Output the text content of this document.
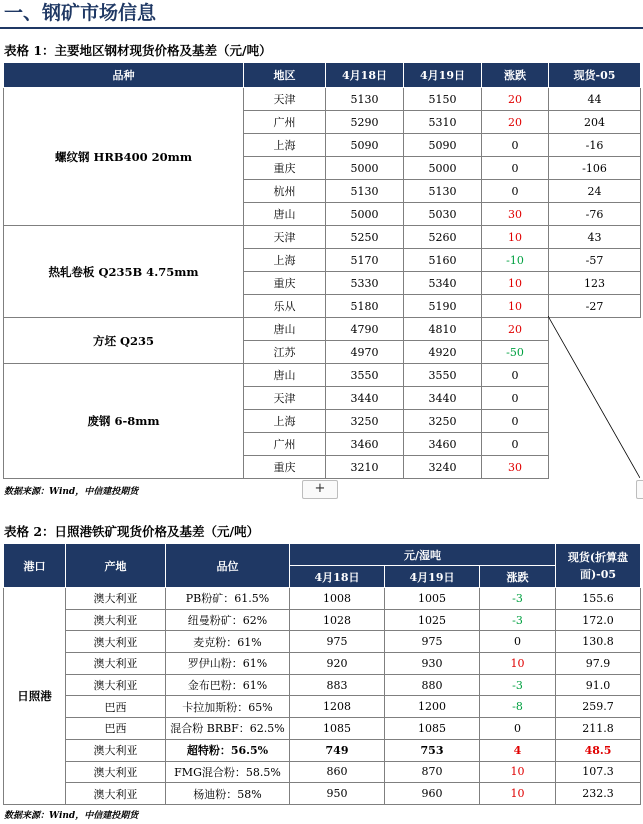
一、钢矿市场信息
表格 1：主要地区钢材现货价格及基差（元/吨）
品种	地区	4月18日	4月19日	涨跌	现货-05
螺纹钢 HRB400 20mm	天津	5130	5150	20	44
	广州	5290	5310	20	204
	上海	5090	5090	0	-16
	重庆	5000	5000	0	-106
	杭州	5130	5130	0	24
	唐山	5000	5030	30	-76
热轧卷板 Q235B 4.75mm	天津	5250	5260	10	43
	上海	5170	5160	-10	-57
	重庆	5330	5340	10	123
	乐从	5180	5190	10	-27
方坯 Q235	唐山	4790	4810	20	
	江苏	4970	4920	-50	
废钢 6-8mm	唐山	3550	3550	0	
	天津	3440	3440	0	
	上海	3250	3250	0	
	广州	3460	3460	0	
	重庆	3210	3240	30	
数据来源：Wind，中信建投期货	+
表格 2：日照港铁矿现货价格及基差（元/吨）
港口	产地	品位	元/湿吨			现货(折算盘面)-05
			4月18日	4月19日	涨跌	
日照港	澳大利亚	PB粉矿：61.5%	1008	1005	-3	155.6
	澳大利亚	纽曼粉矿：62%	1028	1025	-3	172.0
	澳大利亚	麦克粉：61%	975	975	0	130.8
	澳大利亚	罗伊山粉：61%	920	930	10	97.9
	澳大利亚	金布巴粉：61%	883	880	-3	91.0
	巴西	卡拉加斯粉：65%	1208	1200	-8	259.7
	巴西	混合粉 BRBF：62.5%	1085	1085	0	211.8
	澳大利亚	超特粉：56.5%	749	753	4	48.5
	澳大利亚	FMG混合粉：58.5%	860	870	10	107.3
	澳大利亚	杨迪粉：58%	950	960	10	232.3
数据来源：Wind，中信建投期货
